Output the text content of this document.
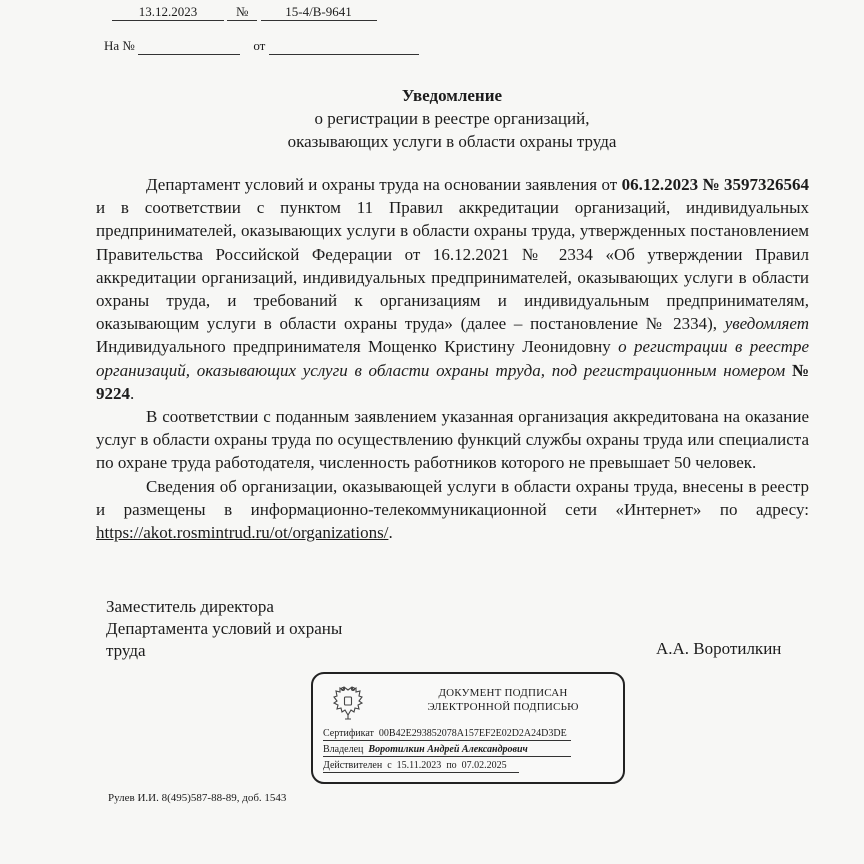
13.12.2023	№	15-4/В-9641
На №	от
Уведомление
о регистрации в реестре организаций,
оказывающих услуги в области охраны труда

Департамент условий и охраны труда на основании заявления от 06.12.2023 № 3597326564 и в соответствии с пунктом 11 Правил аккредитации организаций, индивидуальных предпринимателей, оказывающих услуги в области охраны труда, утвержденных постановлением Правительства Российской Федерации от 16.12.2021 № 2334 «Об утверждении Правил аккредитации организаций, индивидуальных предпринимателей, оказывающих услуги в области охраны труда, и требований к организациям и индивидуальным предпринимателям, оказывающим услуги в области охраны труда» (далее – постановление № 2334), уведомляет Индивидуального предпринимателя Мощенко Кристину Леонидовну о регистрации в реестре организаций, оказывающих услуги в области охраны труда, под регистрационным номером № 9224.

В соответствии с поданным заявлением указанная организация аккредитована на оказание услуг в области охраны труда по осуществлению функций службы охраны труда или специалиста по охране труда работодателя, численность работников которого не превышает 50 человек.

Сведения об организации, оказывающей услуги в области охраны труда, внесены в реестр и размещены в информационно-телекоммуникационной сети «Интернет» по адресу: https://akot.rosmintrud.ru/ot/organizations/.

Заместитель директора
Департамента условий и охраны
труда	А.А. Воротилкин
ДОКУМЕНТ ПОДПИСАН
ЭЛЕКТРОННОЙ ПОДПИСЬЮ
Сертификат 00B42E293852078A157EF2E02D2A24D3DE
Владелец Воротилкин Андрей Александрович
Действителен с 15.11.2023 по 07.02.2025
Рулев И.И. 8(495)587-88-89, доб. 1543
